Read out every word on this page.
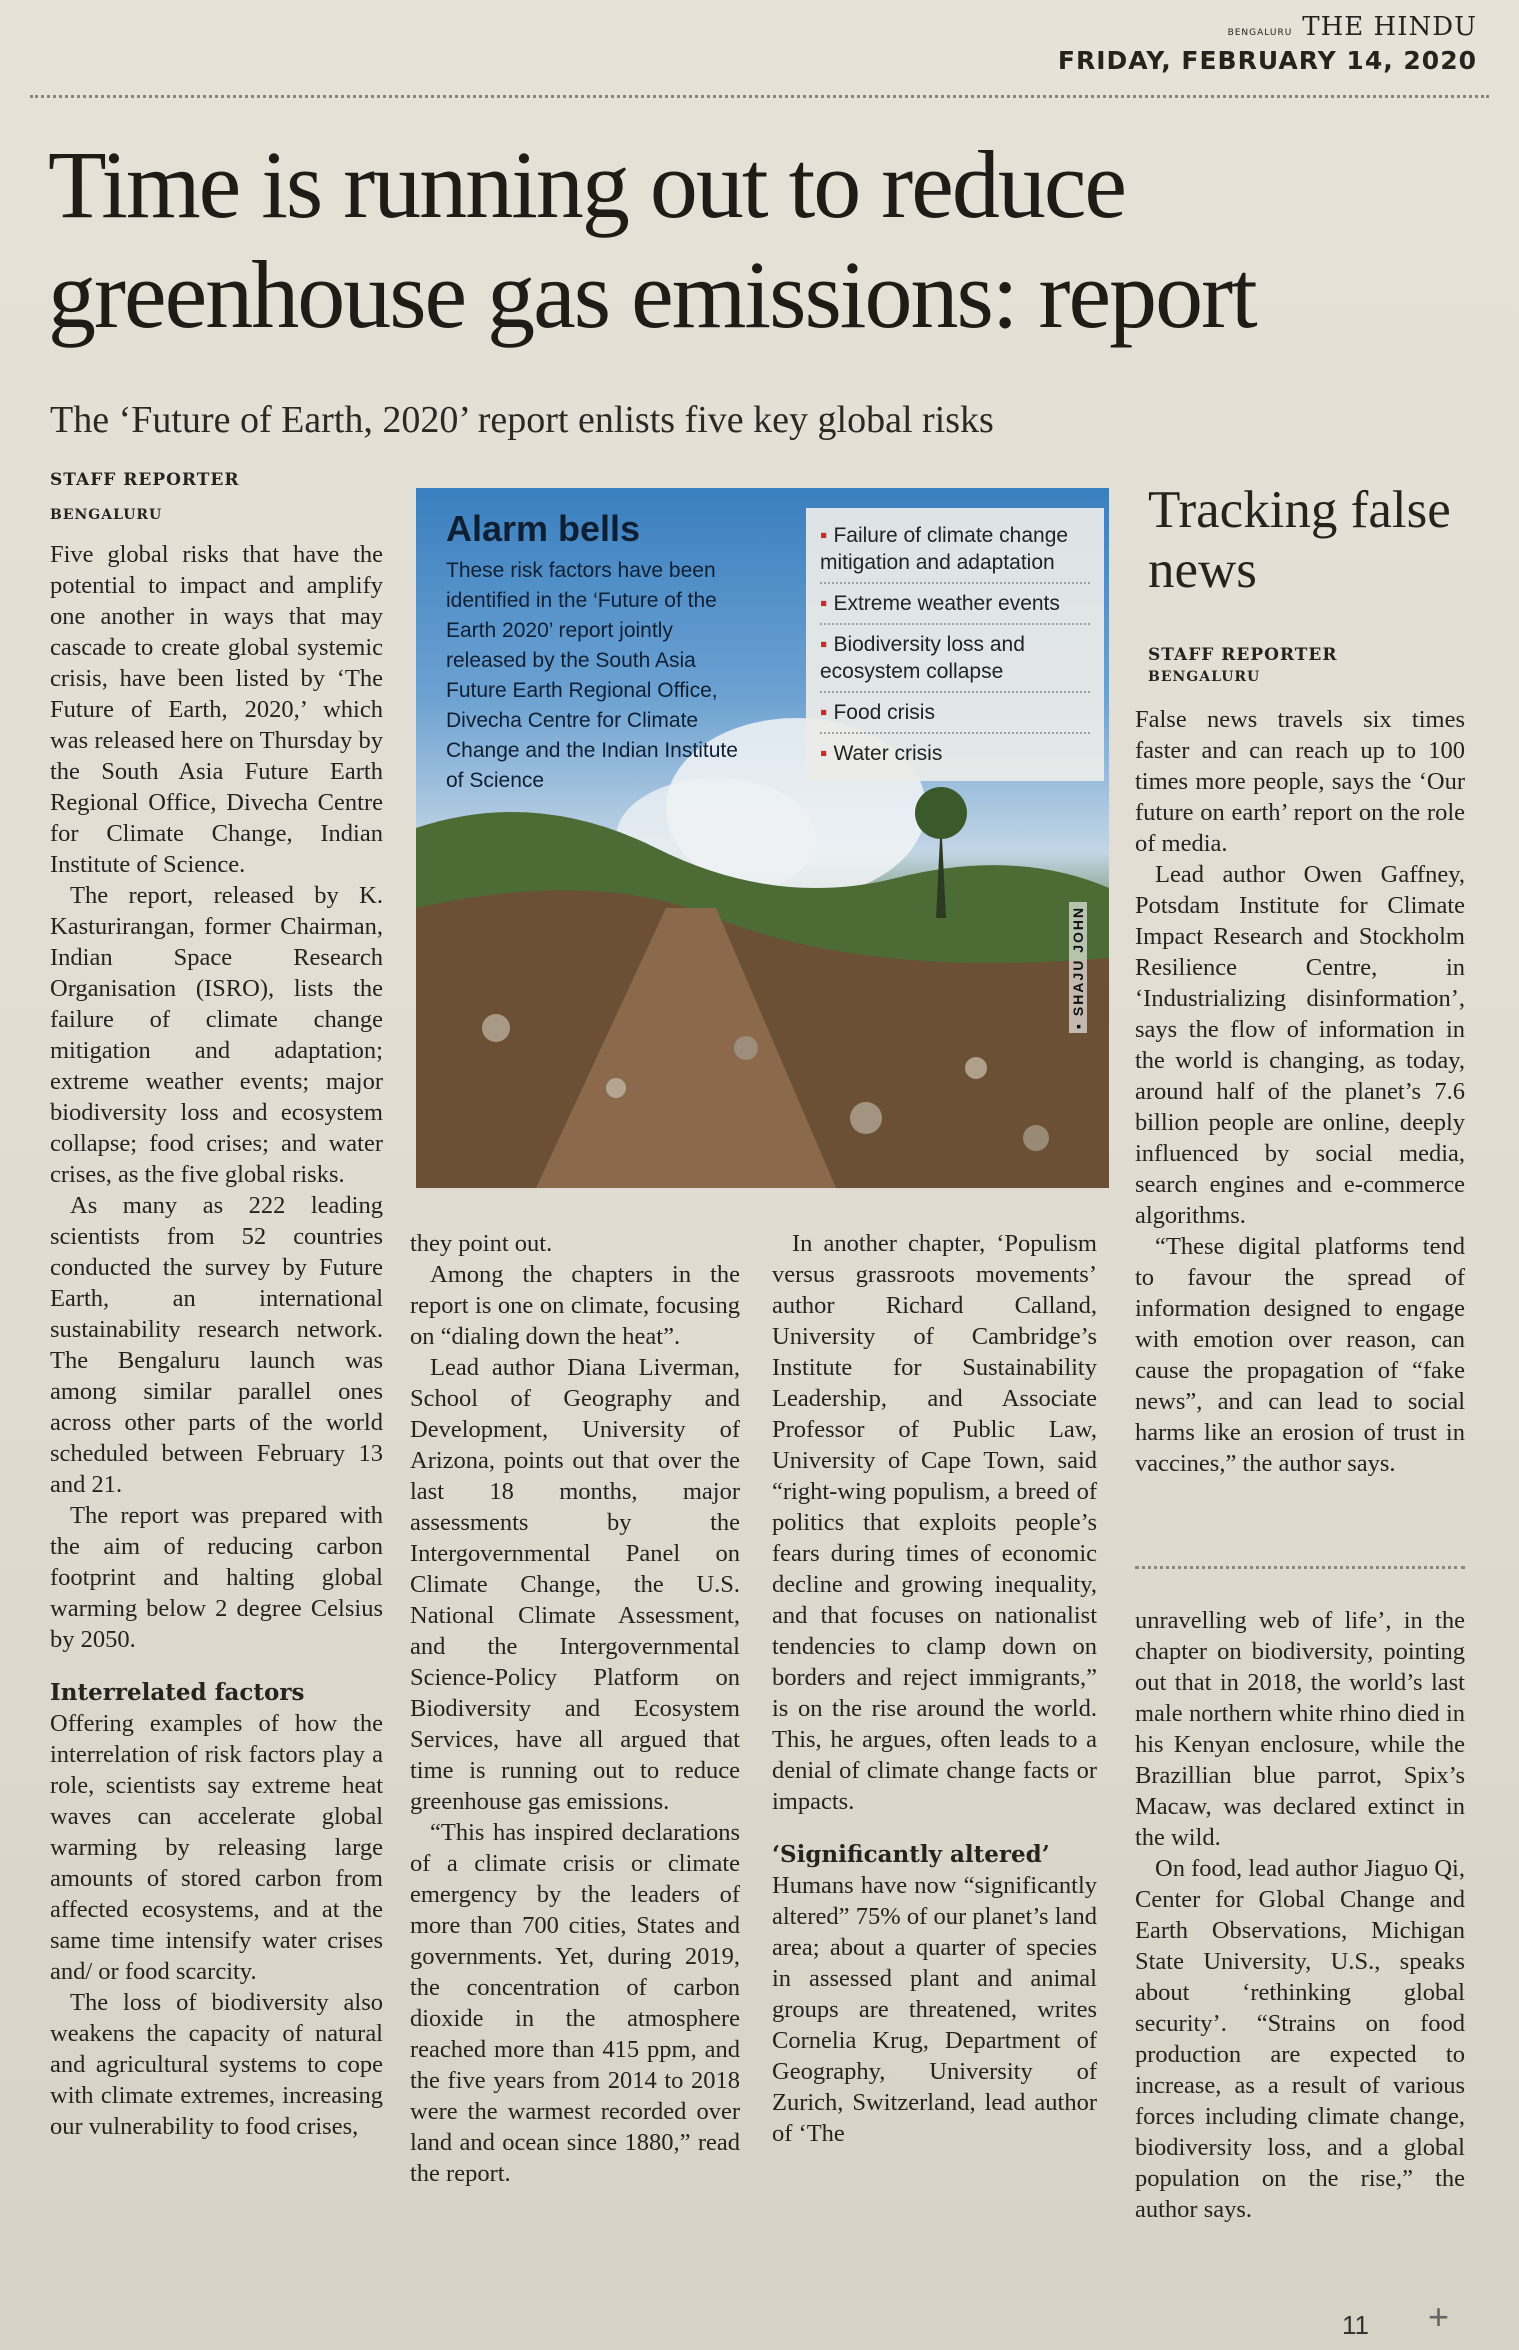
BENGALURU THE HINDU
FRIDAY, FEBRUARY 14, 2020
Time is running out to reduce greenhouse gas emissions: report
The ‘Future of Earth, 2020’ report enlists five key global risks
STAFF REPORTER
BENGALURU

Five global risks that have the potential to impact and amplify one another in ways that may cascade to create global systemic crisis, have been listed by ‘The Future of Earth, 2020,’ which was released here on Thursday by the South Asia Future Earth Regional Office, Divecha Centre for Climate Change, Indian Institute of Science.

The report, released by K. Kasturirangan, former Chairman, Indian Space Research Organisation (ISRO), lists the failure of climate change mitigation and adaptation; extreme weather events; major biodiversity loss and ecosystem collapse; food crises; and water crises, as the five global risks.

As many as 222 leading scientists from 52 countries conducted the survey by Future Earth, an international sustainability research network. The Bengaluru launch was among similar parallel ones across other parts of the world scheduled between February 13 and 21.

The report was prepared with the aim of reducing carbon footprint and halting global warming below 2 degree Celsius by 2050.

Interrelated factors

Offering examples of how the interrelation of risk factors play a role, scientists say extreme heat waves can accelerate global warming by releasing large amounts of stored carbon from affected ecosystems, and at the same time intensify water crises and/ or food scarcity.

The loss of biodiversity also weakens the capacity of natural and agricultural systems to cope with climate extremes, increasing our vulnerability to food crises,

Alarm bells
These risk factors have been identified in the ‘Future of the Earth 2020’ report jointly released by the South Asia Future Earth Regional Office, Divecha Centre for Climate Change and the Indian Institute of Science
▪ Failure of climate change mitigation and adaptation
▪ Extreme weather events
▪ Biodiversity loss and ecosystem collapse
▪ Food crisis
▪ Water crisis
▪ SHAJU JOHN

they point out.

Among the chapters in the report is one on climate, focusing on “dialing down the heat”.

Lead author Diana Liverman, School of Geography and Development, University of Arizona, points out that over the last 18 months, major assessments by the Intergovernmental Panel on Climate Change, the U.S. National Climate Assessment, and the Intergovernmental Science-Policy Platform on Biodiversity and Ecosystem Services, have all argued that time is running out to reduce greenhouse gas emissions.

“This has inspired declarations of a climate crisis or climate emergency by the leaders of more than 700 cities, States and governments. Yet, during 2019, the concentration of carbon dioxide in the atmosphere reached more than 415 ppm, and the five years from 2014 to 2018 were the warmest recorded over land and ocean since 1880,” read the report.

In another chapter, ‘Populism versus grassroots movements’ author Richard Calland, University of Cambridge’s Institute for Sustainability Leadership, and Associate Professor of Public Law, University of Cape Town, said “right-wing populism, a breed of politics that exploits people’s fears during times of economic decline and growing inequality, and that focuses on nationalist tendencies to clamp down on borders and reject immigrants,” is on the rise around the world. This, he argues, often leads to a denial of climate change facts or impacts.

‘Significantly altered’

Humans have now “significantly altered” 75% of our planet’s land area; about a quarter of species in assessed plant and animal groups are threatened, writes Cornelia Krug, Department of Geography, University of Zurich, Switzerland, lead author of ‘The

Tracking false news
STAFF REPORTER
BENGALURU

False news travels six times faster and can reach up to 100 times more people, says the ‘Our future on earth’ report on the role of media.

Lead author Owen Gaffney, Potsdam Institute for Climate Impact Research and Stockholm Resilience Centre, in ‘Industrializing disinformation’, says the flow of information in the world is changing, as today, around half of the planet’s 7.6 billion people are online, deeply influenced by social media, search engines and e-commerce algorithms.

“These digital platforms tend to favour the spread of information designed to engage with emotion over reason, can cause the propagation of “fake news”, and can lead to social harms like an erosion of trust in vaccines,” the author says.

unravelling web of life’, in the chapter on biodiversity, pointing out that in 2018, the world’s last male northern white rhino died in his Kenyan enclosure, while the Brazillian blue parrot, Spix’s Macaw, was declared extinct in the wild.

On food, lead author Jiaguo Qi, Center for Global Change and Earth Observations, Michigan State University, U.S., speaks about ‘rethinking global security’. “Strains on food production are expected to increase, as a result of various forces including climate change, biodiversity loss, and a global population on the rise,” the author says.

11 +
